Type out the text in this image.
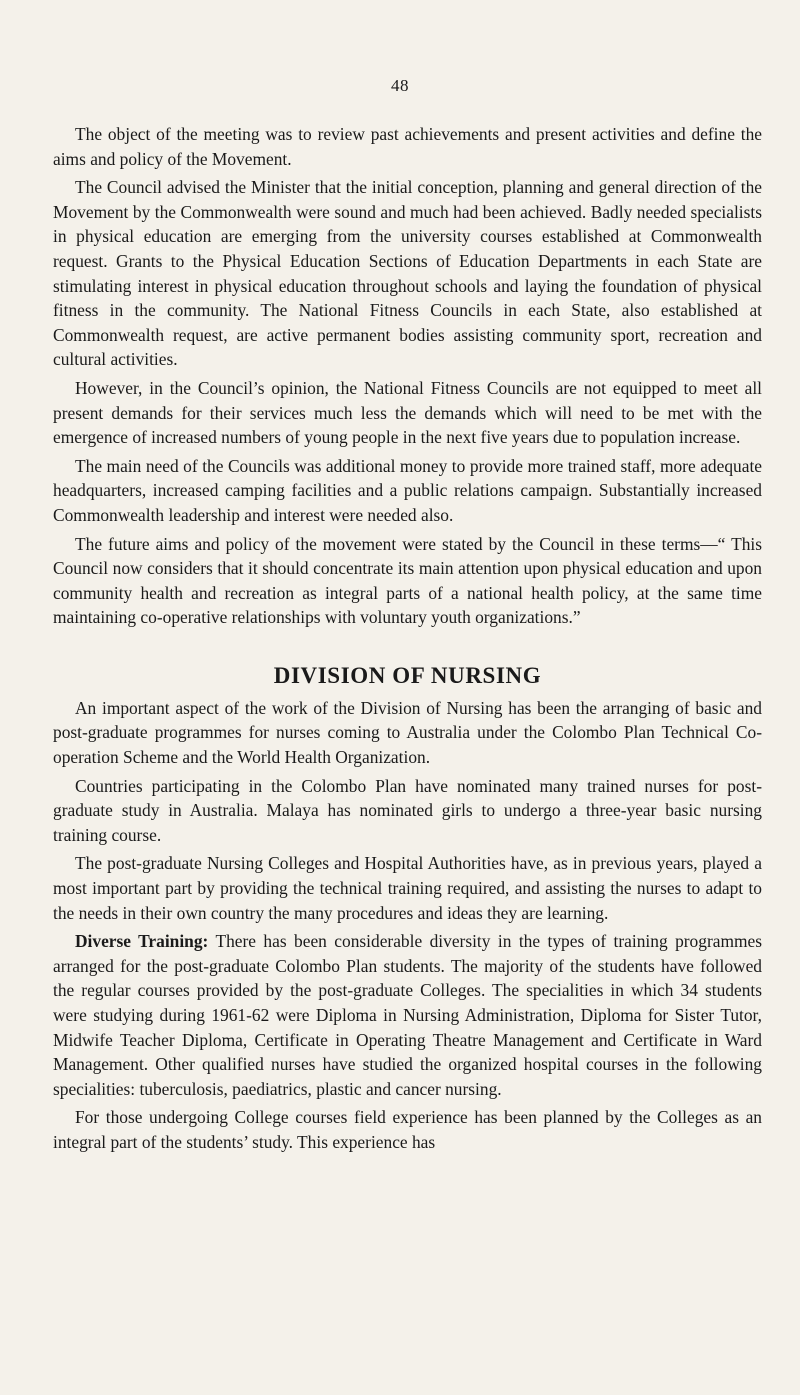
48

The object of the meeting was to review past achievements and present activities and define the aims and policy of the Movement.

The Council advised the Minister that the initial conception, planning and general direction of the Movement by the Commonwealth were sound and much had been achieved. Badly needed specialists in physical education are emerging from the university courses established at Commonwealth request. Grants to the Physical Education Sections of Education Departments in each State are stimulating interest in physical education throughout schools and laying the foundation of physical fitness in the community. The National Fitness Councils in each State, also established at Commonwealth request, are active permanent bodies assisting community sport, recreation and cultural activities.

However, in the Council’s opinion, the National Fitness Councils are not equipped to meet all present demands for their services much less the demands which will need to be met with the emergence of increased numbers of young people in the next five years due to population increase.

The main need of the Councils was additional money to provide more trained staff, more adequate headquarters, increased camping facilities and a public relations campaign. Substantially increased Commonwealth leadership and interest were needed also.

The future aims and policy of the movement were stated by the Council in these terms—“ This Council now considers that it should concentrate its main attention upon physical education and upon community health and recreation as integral parts of a national health policy, at the same time maintaining co-operative relationships with voluntary youth organizations.”

DIVISION OF NURSING

An important aspect of the work of the Division of Nursing has been the arranging of basic and post-graduate programmes for nurses coming to Australia under the Colombo Plan Technical Co-operation Scheme and the World Health Organization.

Countries participating in the Colombo Plan have nominated many trained nurses for post-graduate study in Australia. Malaya has nominated girls to undergo a three-year basic nursing training course.

The post-graduate Nursing Colleges and Hospital Authorities have, as in previous years, played a most important part by providing the technical training required, and assisting the nurses to adapt to the needs in their own country the many procedures and ideas they are learning.

Diverse Training: There has been considerable diversity in the types of training programmes arranged for the post-graduate Colombo Plan students. The majority of the students have followed the regular courses provided by the post-graduate Colleges. The specialities in which 34 students were studying during 1961-62 were Diploma in Nursing Administration, Diploma for Sister Tutor, Midwife Teacher Diploma, Certificate in Operating Theatre Management and Certificate in Ward Management. Other qualified nurses have studied the organized hospital courses in the following specialities: tuberculosis, paediatrics, plastic and cancer nursing.

For those undergoing College courses field experience has been planned by the Colleges as an integral part of the students’ study. This experience has
